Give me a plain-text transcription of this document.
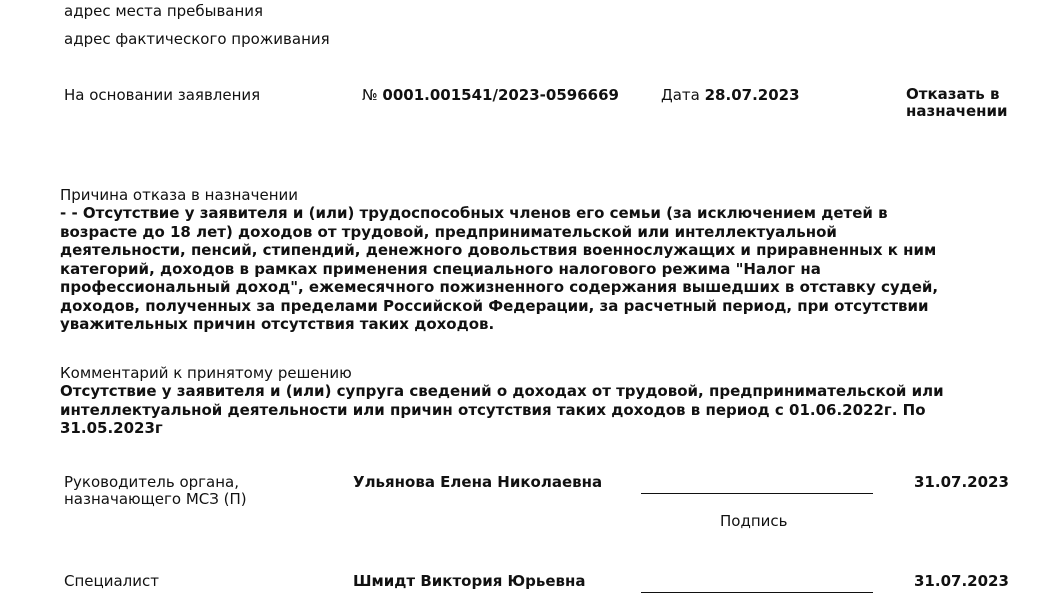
адрес места пребывания
адрес фактического проживания
На основании заявления	№ 0001.001541/2023-0596669	Дата 28.07.2023	Отказать в назначении
Причина отказа в назначении
- - Отсутствие у заявителя и (или) трудоспособных членов его семьи (за исключением детей в
возрасте до 18 лет) доходов от трудовой, предпринимательской или интеллектуальной
деятельности, пенсий, стипендий, денежного довольствия военнослужащих и приравненных к ним
категорий, доходов в рамках применения специального налогового режима "Налог на
профессиональный доход", ежемесячного пожизненного содержания вышедших в отставку судей,
доходов, полученных за пределами Российской Федерации, за расчетный период, при отсутствии
уважительных причин отсутствия таких доходов.
Комментарий к принятому решению
Отсутствие у заявителя и (или) супруга сведений о доходах от трудовой, предпринимательской или
интеллектуальной деятельности или причин отсутствия таких доходов в период с 01.06.2022г. По
31.05.2023г
Руководитель органа,
назначающего МСЗ (П)
Ульянова Елена Николаевна	31.07.2023
Подпись
Специалист	Шмидт Виктория Юрьевна	31.07.2023
